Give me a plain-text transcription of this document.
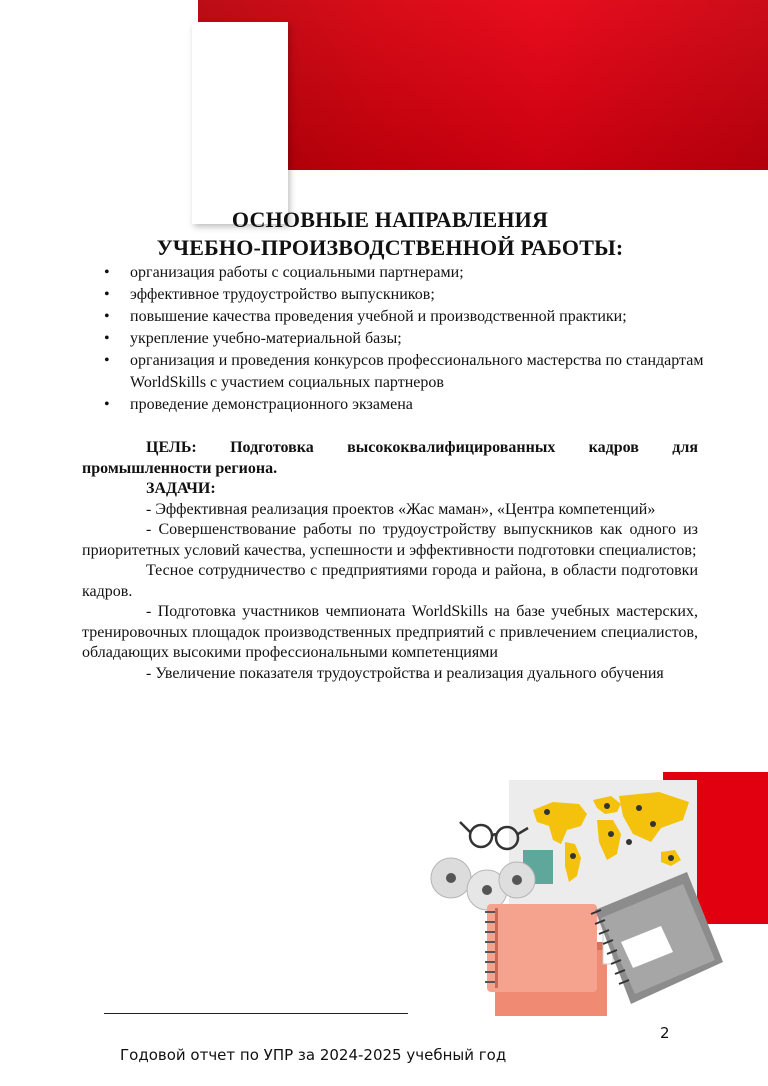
ОСНОВНЫЕ НАПРАВЛЕНИЯ
УЧЕБНО-ПРОИЗВОДСТВЕННОЙ РАБОТЫ:
• организация работы с социальными партнерами;
• эффективное трудоустройство выпускников;
• повышение качества проведения учебной и производственной практики;
• укрепление учебно-материальной базы;
• организация и проведения конкурсов профессионального мастерства по стандартам WorldSkills с участием социальных партнеров
• проведение демонстрационного экзамена

ЦЕЛЬ: Подготовка высококвалифицированных кадров для промышленности региона.

ЗАДАЧИ:

- Эффективная реализация проектов «Жас маман», «Центра компетенций»

- Совершенствование работы по трудоустройству выпускников как одного из приоритетных условий качества, успешности и эффективности подготовки специалистов;

Тесное сотрудничество с предприятиями города и района, в области подготовки кадров.

- Подготовка участников чемпионата WorldSkills на базе учебных мастерских, тренировочных площадок производственных предприятий с привлечением специалистов, обладающих высокими профессиональными компетенциями

- Увеличение показателя трудоустройства и реализация дуального обучения

2
Годовой отчет по УПР за 2024-2025 учебный год
